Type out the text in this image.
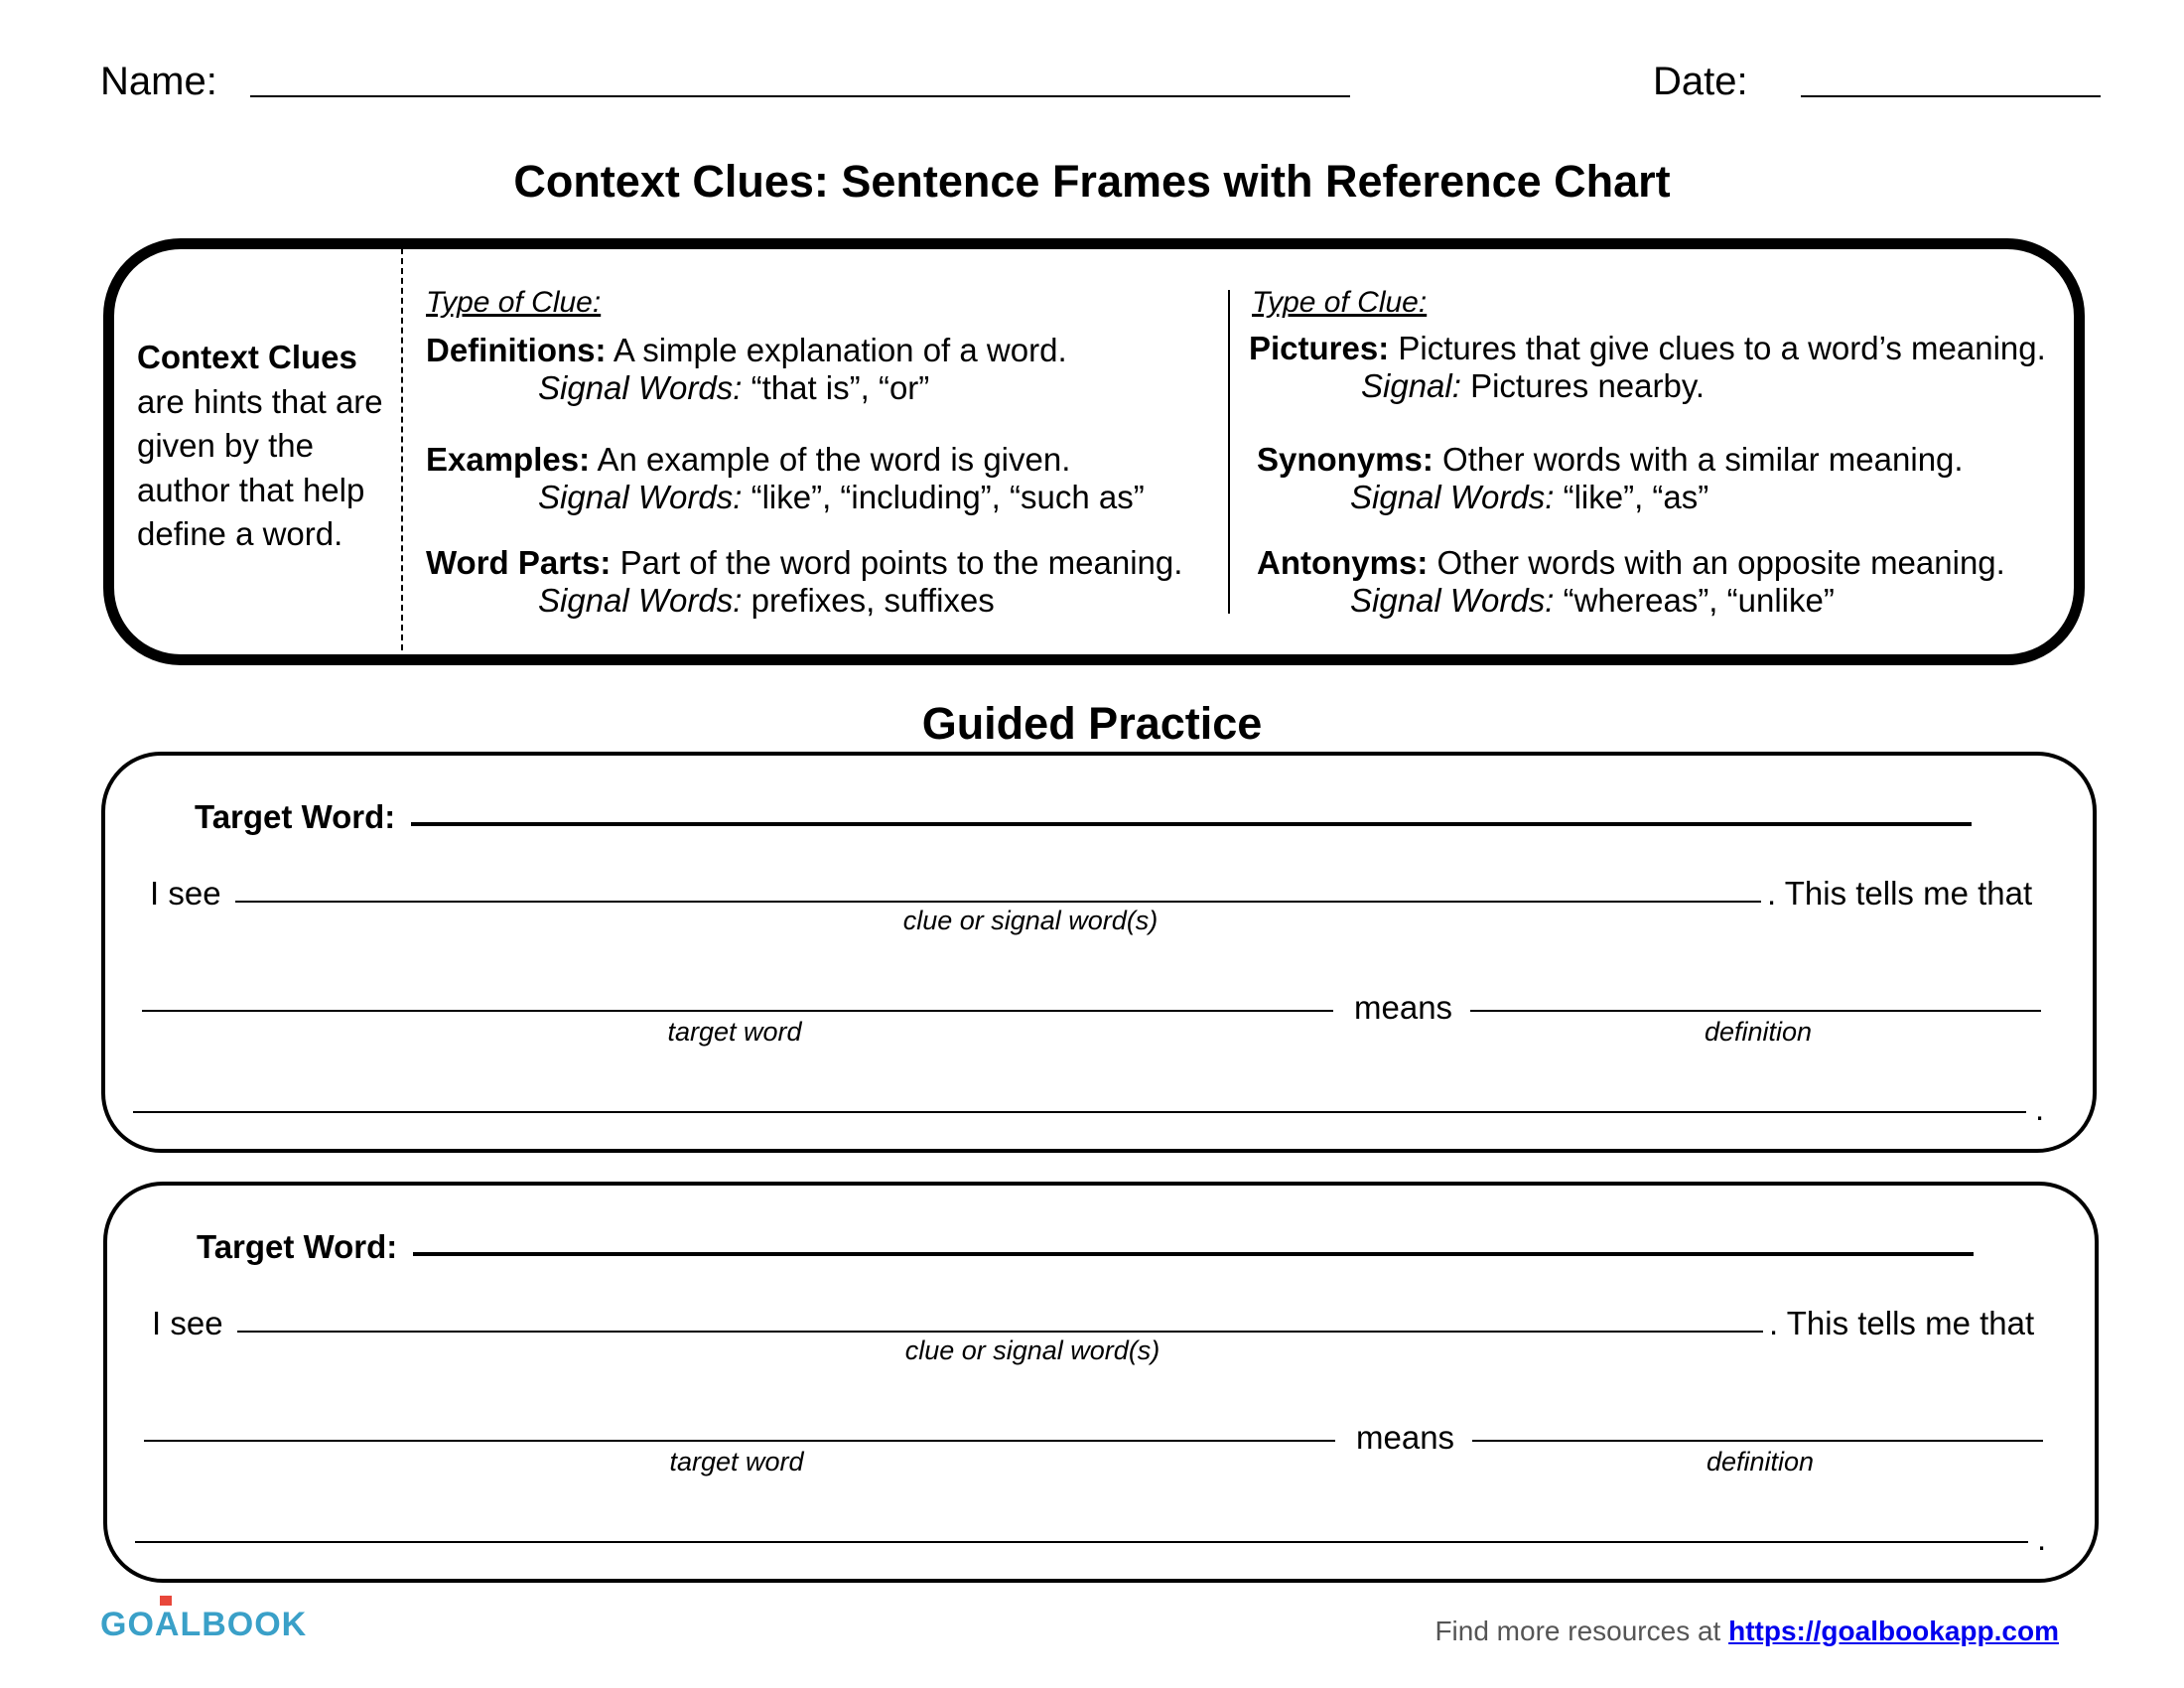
Name:	Date:
Context Clues: Sentence Frames with Reference Chart
Context Clues are hints that are given by the author that help define a word.
Type of Clue:
Definitions: A simple explanation of a word.
Signal Words: “that is”, “or”
Examples: An example of the word is given.
Signal Words: “like”, “including”, “such as”
Word Parts: Part of the word points to the meaning.
Signal Words: prefixes, suffixes
Type of Clue:
Pictures: Pictures that give clues to a word’s meaning.
Signal: Pictures nearby.
Synonyms: Other words with a similar meaning.
Signal Words: “like”, “as”
Antonyms: Other words with an opposite meaning.
Signal Words: “whereas”, “unlike”
Guided Practice
Target Word:
I see	. This tells me that
clue or signal word(s)
means
target word	definition
.
Target Word:
I see	. This tells me that
clue or signal word(s)
means
target word	definition
.
GOALBOOK	Find more resources at https://goalbookapp.com
